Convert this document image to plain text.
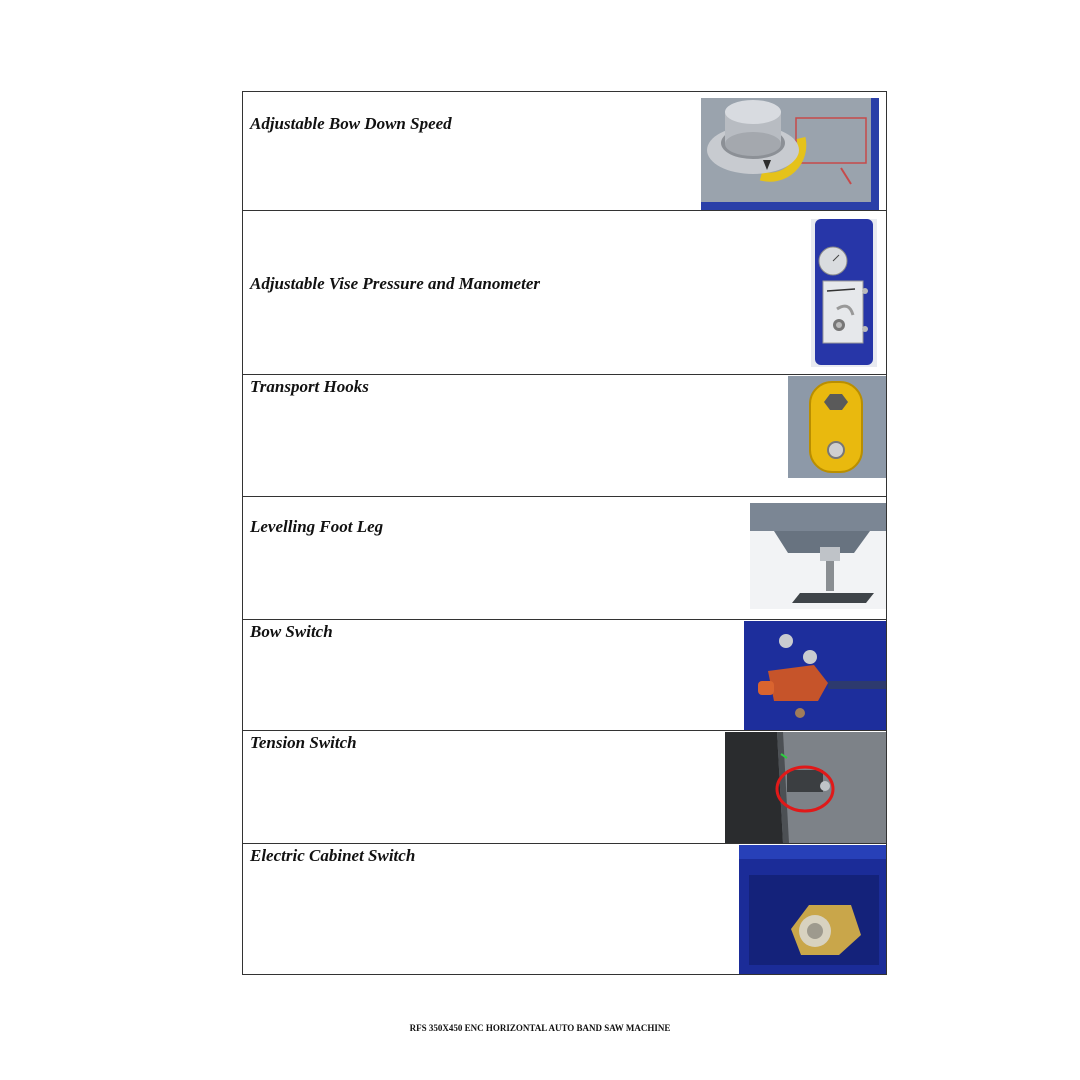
Adjustable Bow Down Speed
Adjustable Vise Pressure and Manometer
Transport Hooks
Levelling Foot Leg
Bow Switch
Tension Switch
Electric Cabinet Switch
RFS 350X450 ENC HORIZONTAL AUTO BAND SAW MACHINE
